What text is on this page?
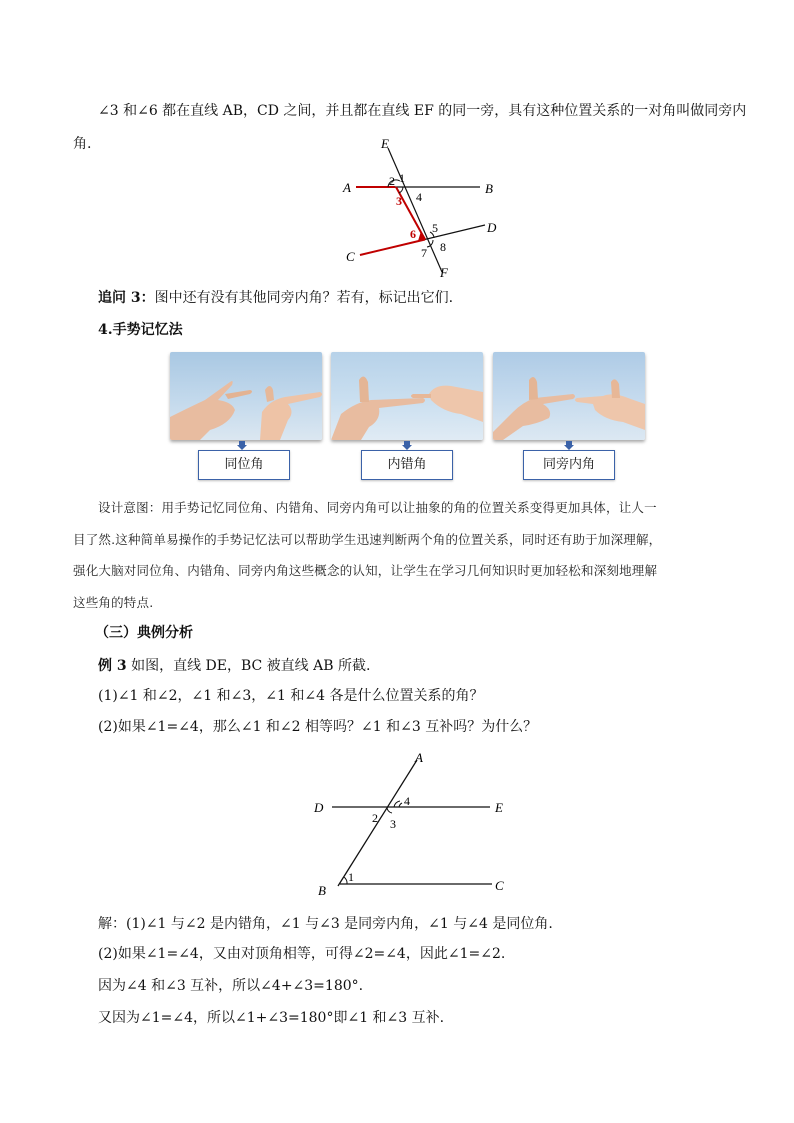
∠3 和∠6 都在直线 AB，CD 之间，并且都在直线 EF 的同一旁，具有这种位置关系的一对角叫做同旁内
角.	E
A	B
C
D
F
1
2
3 4
5
6
7 8
追问 3：图中还有没有其他同旁内角？若有，标记出它们.
4.手势记忆法
同位角	内错角	同旁内角
设计意图：用手势记忆同位角、内错角、同旁内角可以让抽象的角的位置关系变得更加具体，让人一
目了然.这种简单易操作的手势记忆法可以帮助学生迅速判断两个角的位置关系，同时还有助于加深理解，
强化大脑对同位角、内错角、同旁内角这些概念的认知，让学生在学习几何知识时更加轻松和深刻地理解
这些角的特点.
（三）典例分析
例 3 如图，直线 DE，BC 被直线 AB 所截.
(1)∠1 和∠2，∠1 和∠3，∠1 和∠4 各是什么位置关系的角？
(2)如果∠1=∠4，那么∠1 和∠2 相等吗？∠1 和∠3 互补吗？为什么？
A
D	E
B	C
4
2 3
1
解：(1)∠1 与∠2 是内错角，∠1 与∠3 是同旁内角，∠1 与∠4 是同位角.
(2)如果∠1=∠4，又由对顶角相等，可得∠2=∠4，因此∠1=∠2.
因为∠4 和∠3 互补，所以∠4+∠3=180°.
又因为∠1=∠4，所以∠1+∠3=180°即∠1 和∠3 互补.
